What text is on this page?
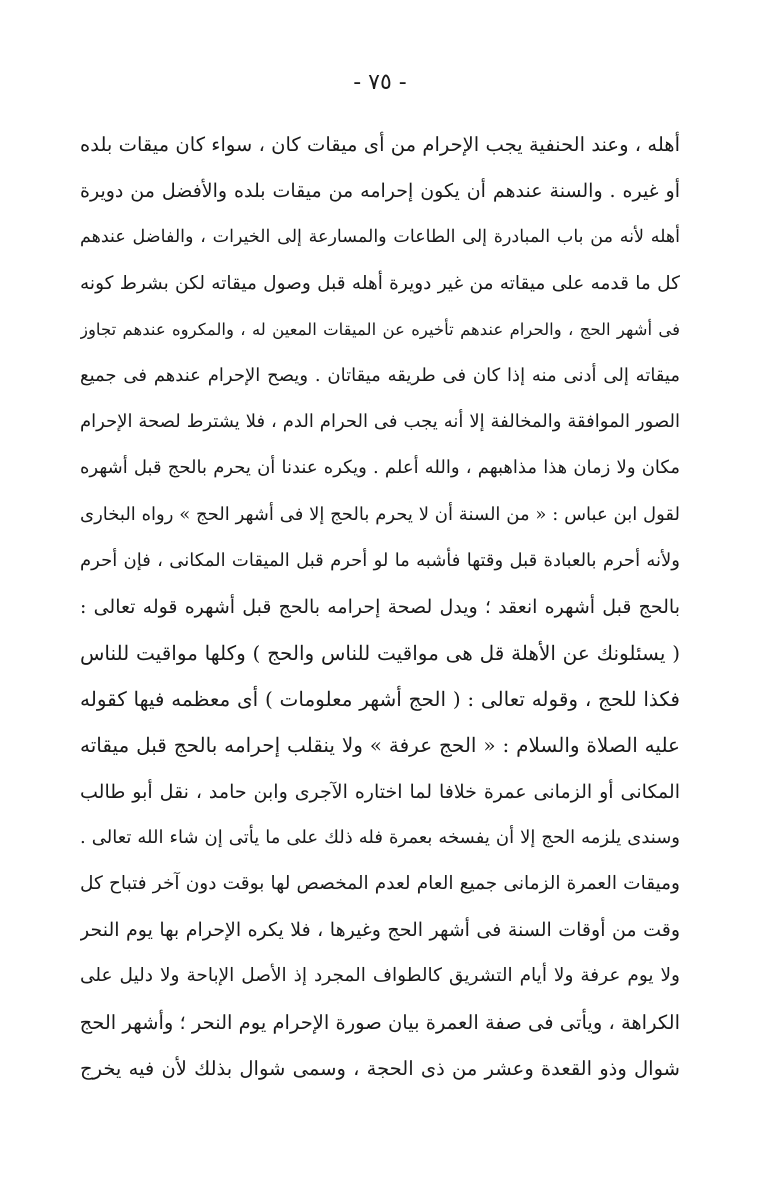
- ٧٥ -
أهله ، وعند الحنفية يجب الإحرام من أى ميقات كان ، سواء كان ميقات بلده
أو غيره . والسنة عندهم أن يكون إحرامه من ميقات بلده والأفضل من دويرة
أهله لأنه من باب المبادرة إلى الطاعات والمسارعة إلى الخيرات ، والفاضل عندهم
كل ما قدمه على ميقاته من غير دويرة أهله قبل وصول ميقاته لكن بشرط كونه
فى أشهر الحج ، والحرام عندهم تأخيره عن الميقات المعين له ، والمكروه عندهم تجاوز
ميقاته إلى أدنى منه إذا كان فى طريقه ميقاتان . ويصح الإحرام عندهم فى جميع
الصور الموافقة والمخالفة إلا أنه يجب فى الحرام الدم ، فلا يشترط لصحة الإحرام
مكان ولا زمان هذا مذاهبهم ، والله أعلم . ويكره عندنا أن يحرم بالحج قبل أشهره
لقول ابن عباس : « من السنة أن لا يحرم بالحج إلا فى أشهر الحج » رواه البخارى
ولأنه أحرم بالعبادة قبل وقتها فأشبه ما لو أحرم قبل الميقات المكانى ، فإن أحرم
بالحج قبل أشهره انعقد ؛ ويدل لصحة إحرامه بالحج قبل أشهره قوله تعالى :
( يسئلونك عن الأهلة قل هى مواقيت للناس والحج ) وكلها مواقيت للناس
فكذا للحج ، وقوله تعالى : ( الحج أشهر معلومات ) أى معظمه فيها كقوله
عليه الصلاة والسلام : « الحج عرفة » ولا ينقلب إحرامه بالحج قبل ميقاته
المكانى أو الزمانى عمرة خلافا لما اختاره الآجرى وابن حامد ، نقل أبو طالب
وسندى يلزمه الحج إلا أن يفسخه بعمرة فله ذلك على ما يأتى إن شاء الله تعالى .
وميقات العمرة الزمانى جميع العام لعدم المخصص لها بوقت دون آخر فتباح كل
وقت من أوقات السنة فى أشهر الحج وغيرها ، فلا يكره الإحرام بها يوم النحر
ولا يوم عرفة ولا أيام التشريق كالطواف المجرد إذ الأصل الإباحة ولا دليل على
الكراهة ، ويأتى فى صفة العمرة بيان صورة الإحرام يوم النحر ؛ وأشهر الحج
شوال وذو القعدة وعشر من ذى الحجة ، وسمى شوال بذلك لأن فيه يخرج
